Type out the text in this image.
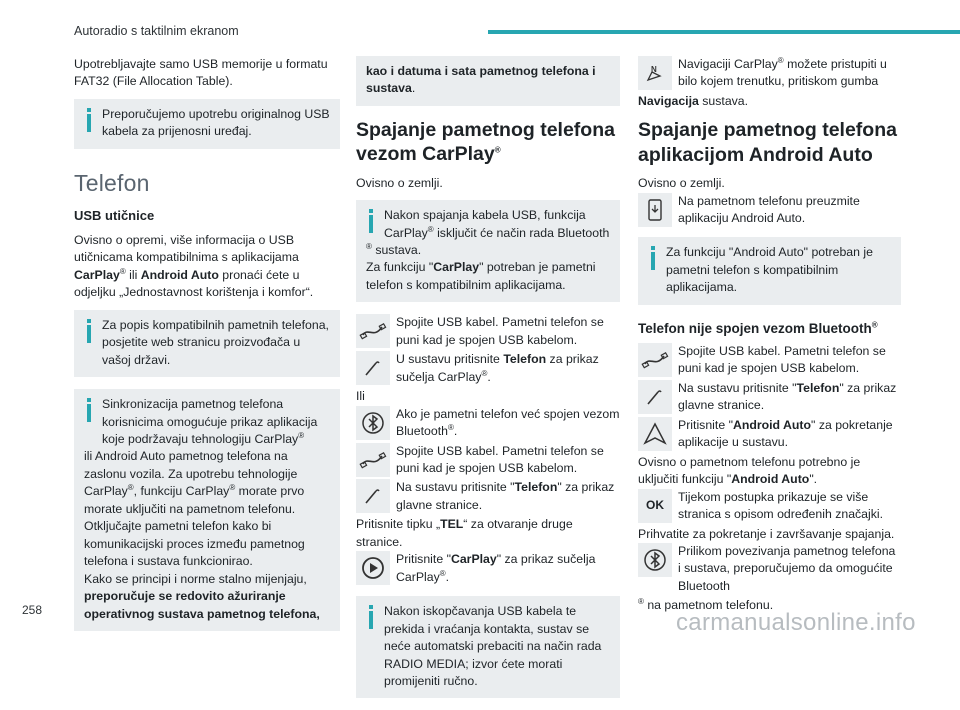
Autoradio s taktilnim ekranom

Upotrebljavajte samo USB memorije u formatu FAT32 (File Allocation Table).

Preporučujemo upotrebu originalnog USB kabela za prijenosni uređaj.
Telefon
USB utičnice

Ovisno o opremi, više informacija o USB utičnicama kompatibilnima s aplikacijama CarPlay® ili Android Auto pronaći ćete u odjeljku „Jednostavnost korištenja i komfor“.

Za popis kompatibilnih pametnih telefona, posjetite web stranicu proizvođača u vašoj državi.
Sinkronizacija pametnog telefona korisnicima omogućuje prikaz aplikacija koje podržavaju tehnologiju CarPlay®
ili Android Auto pametnog telefona na zaslonu vozila. Za upotrebu tehnologije CarPlay®, funkciju CarPlay® morate prvo morate uključiti na pametnom telefonu.
Otključajte pametni telefon kako bi komunikacijski proces između pametnog telefona i sustava funkcionirao.
Kako se principi i norme stalno mijenjaju, preporučuje se redovito ažuriranje operativnog sustava pametnog telefona,
kao i datuma i sata pametnog telefona i sustava.
Spajanje pametnog telefona vezom CarPlay®

Ovisno o zemlji.

Nakon spajanja kabela USB, funkcija CarPlay® isključit će način rada Bluetooth
® sustava.
Za funkciju "CarPlay" potreban je pametni telefon s kompatibilnim aplikacijama.
Spojite USB kabel. Pametni telefon se puni kad je spojen USB kabelom.
U sustavu pritisnite Telefon za prikaz sučelja CarPlay®.
Ili
Ako je pametni telefon već spojen vezom Bluetooth®.
Spojite USB kabel. Pametni telefon se puni kad je spojen USB kabelom.
Na sustavu pritisnite "Telefon" za prikaz glavne stranice.
Pritisnite tipku „TEL“ za otvaranje druge stranice.
Pritisnite "CarPlay" za prikaz sučelja CarPlay®.
Nakon iskopčavanja USB kabela te prekida i vraćanja kontakta, sustav se neće automatski prebaciti na način rada RADIO MEDIA; izvor ćete morati promijeniti ručno.
N Navigaciji CarPlay® možete pristupiti u bilo kojem trenutku, pritiskom gumba

Navigacija sustava.

Spajanje pametnog telefona aplikacijom Android Auto
Ovisno o zemlji.
Na pametnom telefonu preuzmite aplikaciju Android Auto.
Za funkciju "Android Auto" potreban je pametni telefon s kompatibilnim aplikacijama.
Telefon nije spojen vezom Bluetooth®
Spojite USB kabel. Pametni telefon se puni kad je spojen USB kabelom.
Na sustavu pritisnite "Telefon" za prikaz glavne stranice.
Pritisnite "Android Auto" za pokretanje aplikacije u sustavu.
Ovisno o pametnom telefonu potrebno je uključiti funkciju "Android Auto".
OK
Tijekom postupka prikazuje se više stranica s opisom određenih značajki.
Prihvatite za pokretanje i završavanje spajanja.
Prilikom povezivanja pametnog telefona i sustava, preporučujemo da omogućite Bluetooth
® na pametnom telefonu.
258	carmanualsonline.info
